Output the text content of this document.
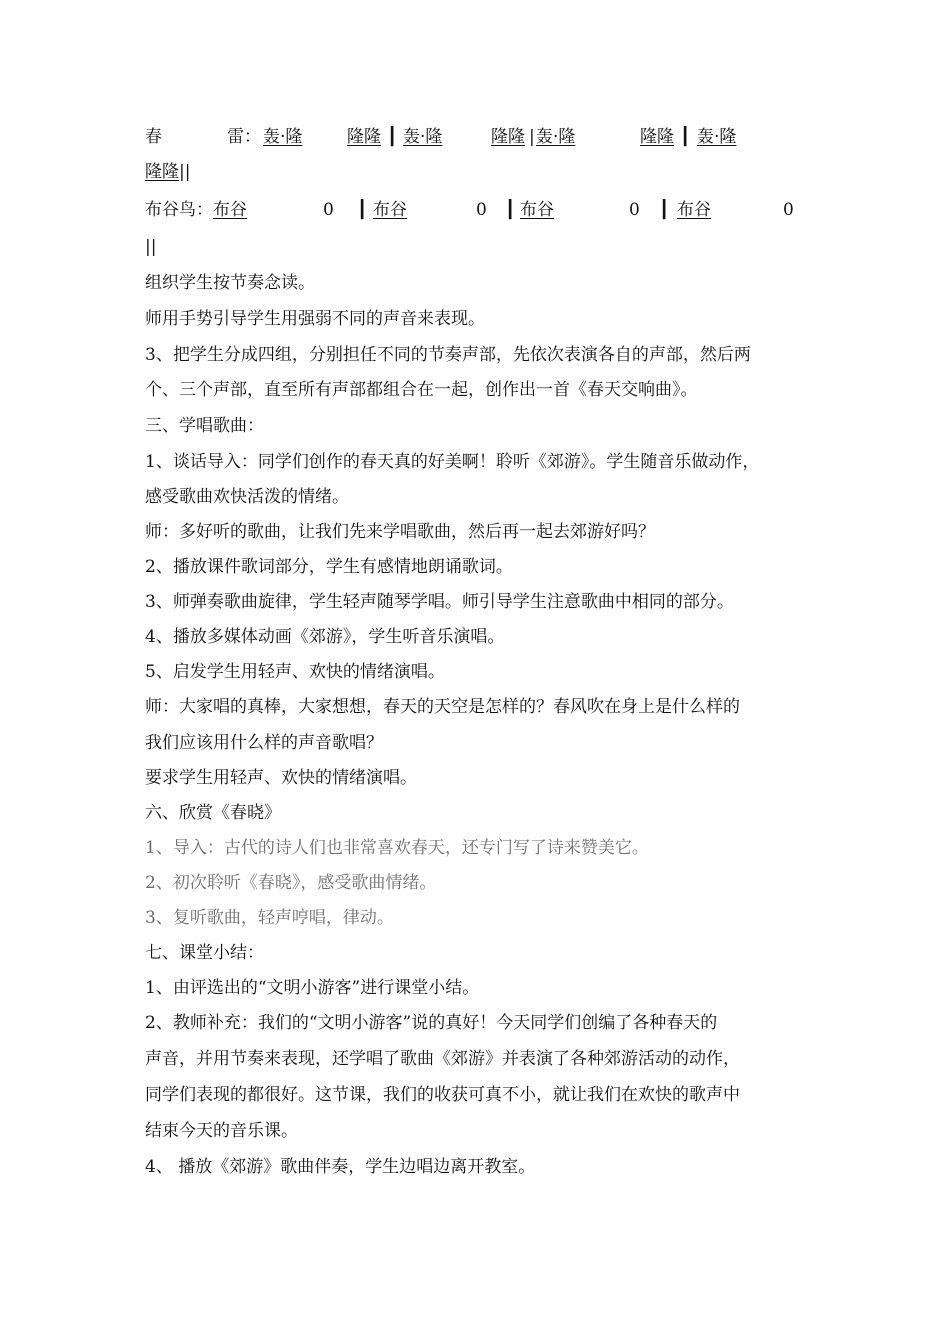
春	雷： 轰·隆	隆隆 ┃ 轰·隆	隆隆 | 轰·隆	隆隆 ┃ 轰·隆
隆隆||
布谷鸟： 布谷	0 ┃ 布谷	0 ┃ 布谷	0 ┃ 布谷	0
||
组织学生按节奏念读。
师用手势引导学生用强弱不同的声音来表现。
3、把学生分成四组，分别担任不同的节奏声部，先依次表演各自的声部，然后两
个、三个声部，直至所有声部都组合在一起，创作出一首《春天交响曲》。
三、学唱歌曲：
1、谈话导入：同学们创作的春天真的好美啊！聆听《郊游》。学生随音乐做动作，
感受歌曲欢快活泼的情绪。
师：多好听的歌曲，让我们先来学唱歌曲，然后再一起去郊游好吗？
2、播放课件歌词部分，学生有感情地朗诵歌词。
3、师弹奏歌曲旋律，学生轻声随琴学唱。师引导学生注意歌曲中相同的部分。
4、播放多媒体动画《郊游》，学生听音乐演唱。
5、启发学生用轻声、欢快的情绪演唱。
师：大家唱的真棒，大家想想，春天的天空是怎样的？春风吹在身上是什么样的
我们应该用什么样的声音歌唱？
要求学生用轻声、欢快的情绪演唱。
六、欣赏《春晓》
1、导入：古代的诗人们也非常喜欢春天，还专门写了诗来赞美它。
2、初次聆听《春晓》，感受歌曲情绪。
3、复听歌曲，轻声哼唱，律动。
七、课堂小结：
1、由评选出的“文明小游客”进行课堂小结。
2、教师补充：我们的“文明小游客”说的真好！今天同学们创编了各种春天的
声音，并用节奏来表现，还学唱了歌曲《郊游》并表演了各种郊游活动的动作，
同学们表现的都很好。这节课，我们的收获可真不小，就让我们在欢快的歌声中
结束今天的音乐课。
4、 播放《郊游》歌曲伴奏，学生边唱边离开教室。
